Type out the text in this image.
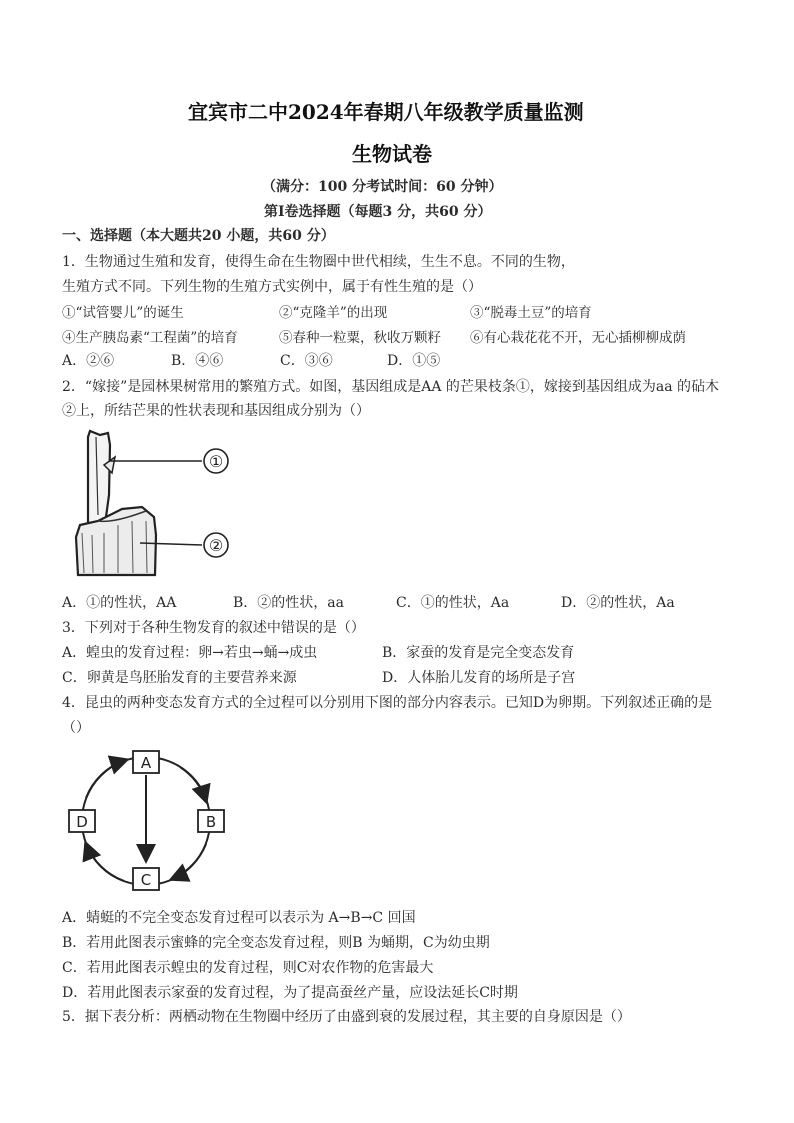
宜宾市二中2024年春期八年级教学质量监测
生物试卷
（满分：100 分考试时间：60 分钟）
第Ⅰ卷选择题（每题3 分，共60 分）
一、选择题（本大题共20 小题，共60 分）
1．生物通过生殖和发育，使得生命在生物圈中世代相续，生生不息。不同的生物，
生殖方式不同。下列生物的生殖方式实例中，属于有性生殖的是（）
①“试管婴儿”的诞生	②“克隆羊”的出现	③“脱毒土豆”的培育
④生产胰岛素“工程菌”的培育	⑤春种一粒粟，秋收万颗籽 ⑥有心栽花花不开，无心插柳柳成荫
A．②⑥	B．④⑥	C．③⑥	D．①⑤
2．“嫁接”是园林果树常用的繁殖方式。如图，基因组成是AA 的芒果枝条①，嫁接到基因组成为aa 的砧木
②上，所结芒果的性状表现和基因组成分别为（）
①
②
A．①的性状，AA	B．②的性状，aa	C．①的性状，Aa	D．②的性状，Aa
3．下列对于各种生物发育的叙述中错误的是（）
A．蝗虫的发育过程：卵→若虫→蛹→成虫	B．家蚕的发育是完全变态发育
C．卵黄是鸟胚胎发育的主要营养来源	D．人体胎儿发育的场所是子宫
4．昆虫的两种变态发育方式的全过程可以分别用下图的部分内容表示。已知D为卵期。下列叙述正确的是
（）
A
B
C
D
A．蜻蜓的不完全变态发育过程可以表示为 A→B→C 回国
B．若用此图表示蜜蜂的完全变态发育过程，则B 为蛹期，C为幼虫期
C．若用此图表示蝗虫的发育过程，则C对农作物的危害最大
D．若用此图表示家蚕的发育过程，为了提高蚕丝产量，应设法延长C时期
5．据下表分析：两栖动物在生物圈中经历了由盛到衰的发展过程，其主要的自身原因是（）
